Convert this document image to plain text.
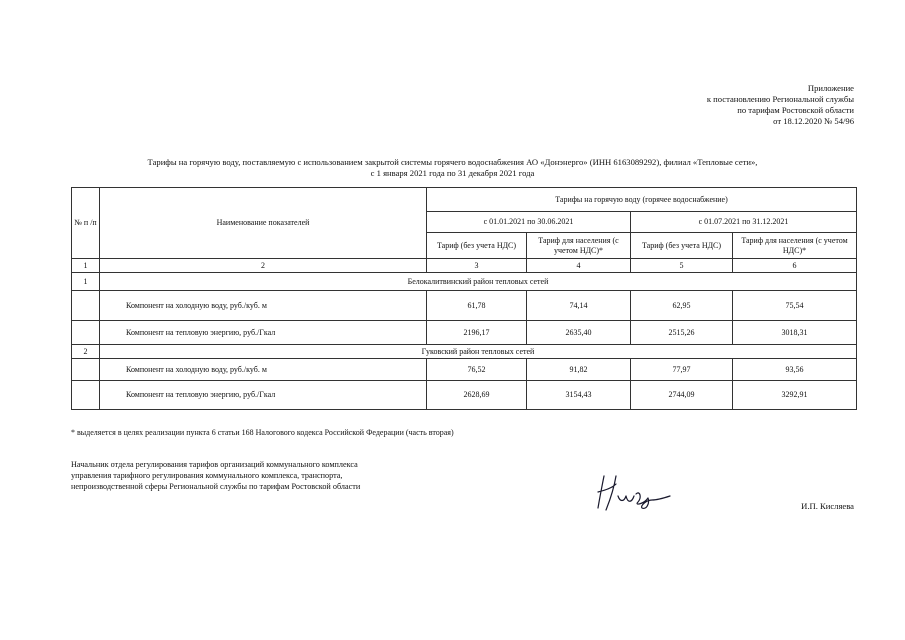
Приложение
к постановлению Региональной службы
по тарифам Ростовской области
от 18.12.2020 № 54/96
Тарифы на горячую воду, поставляемую с использованием закрытой системы горячего водоснабжения АО «Донэнерго» (ИНН 6163089292), филиал «Тепловые сети»,
с 1 января 2021 года по 31 декабря 2021 года
№ п /п	Наименование показателей	Тарифы на горячую воду (горячее водоснабжение)			
		с 01.01.2021 по 30.06.2021		с 01.07.2021 по 31.12.2021	
		Тариф (без учета НДС)	Тариф для населения (с учетом НДС)*	Тариф (без учета НДС)	Тариф для населения (с учетом НДС)*
1	2	3	4	5	6
1	Белокалитвинский район тепловых сетей				
	Компонент на холодную воду, руб./куб. м	61,78	74,14	62,95	75,54
	Компонент на тепловую энергию, руб./Гкал	2196,17	2635,40	2515,26	3018,31
2	Гуковский район тепловых сетей				
	Компонент на холодную воду, руб./куб. м	76,52	91,82	77,97	93,56
	Компонент на тепловую энергию, руб./Гкал	2628,69	3154,43	2744,09	3292,91
* выделяется в целях реализации пункта 6 статьи 168 Налогового кодекса Российской Федерации (часть вторая)
Начальник отдела регулирования тарифов организаций коммунального комплекса
управления тарифного регулирования коммунального комплекса, транспорта,
непроизводственной сферы Региональной службы по тарифам Ростовской области
И.П. Кисляева
